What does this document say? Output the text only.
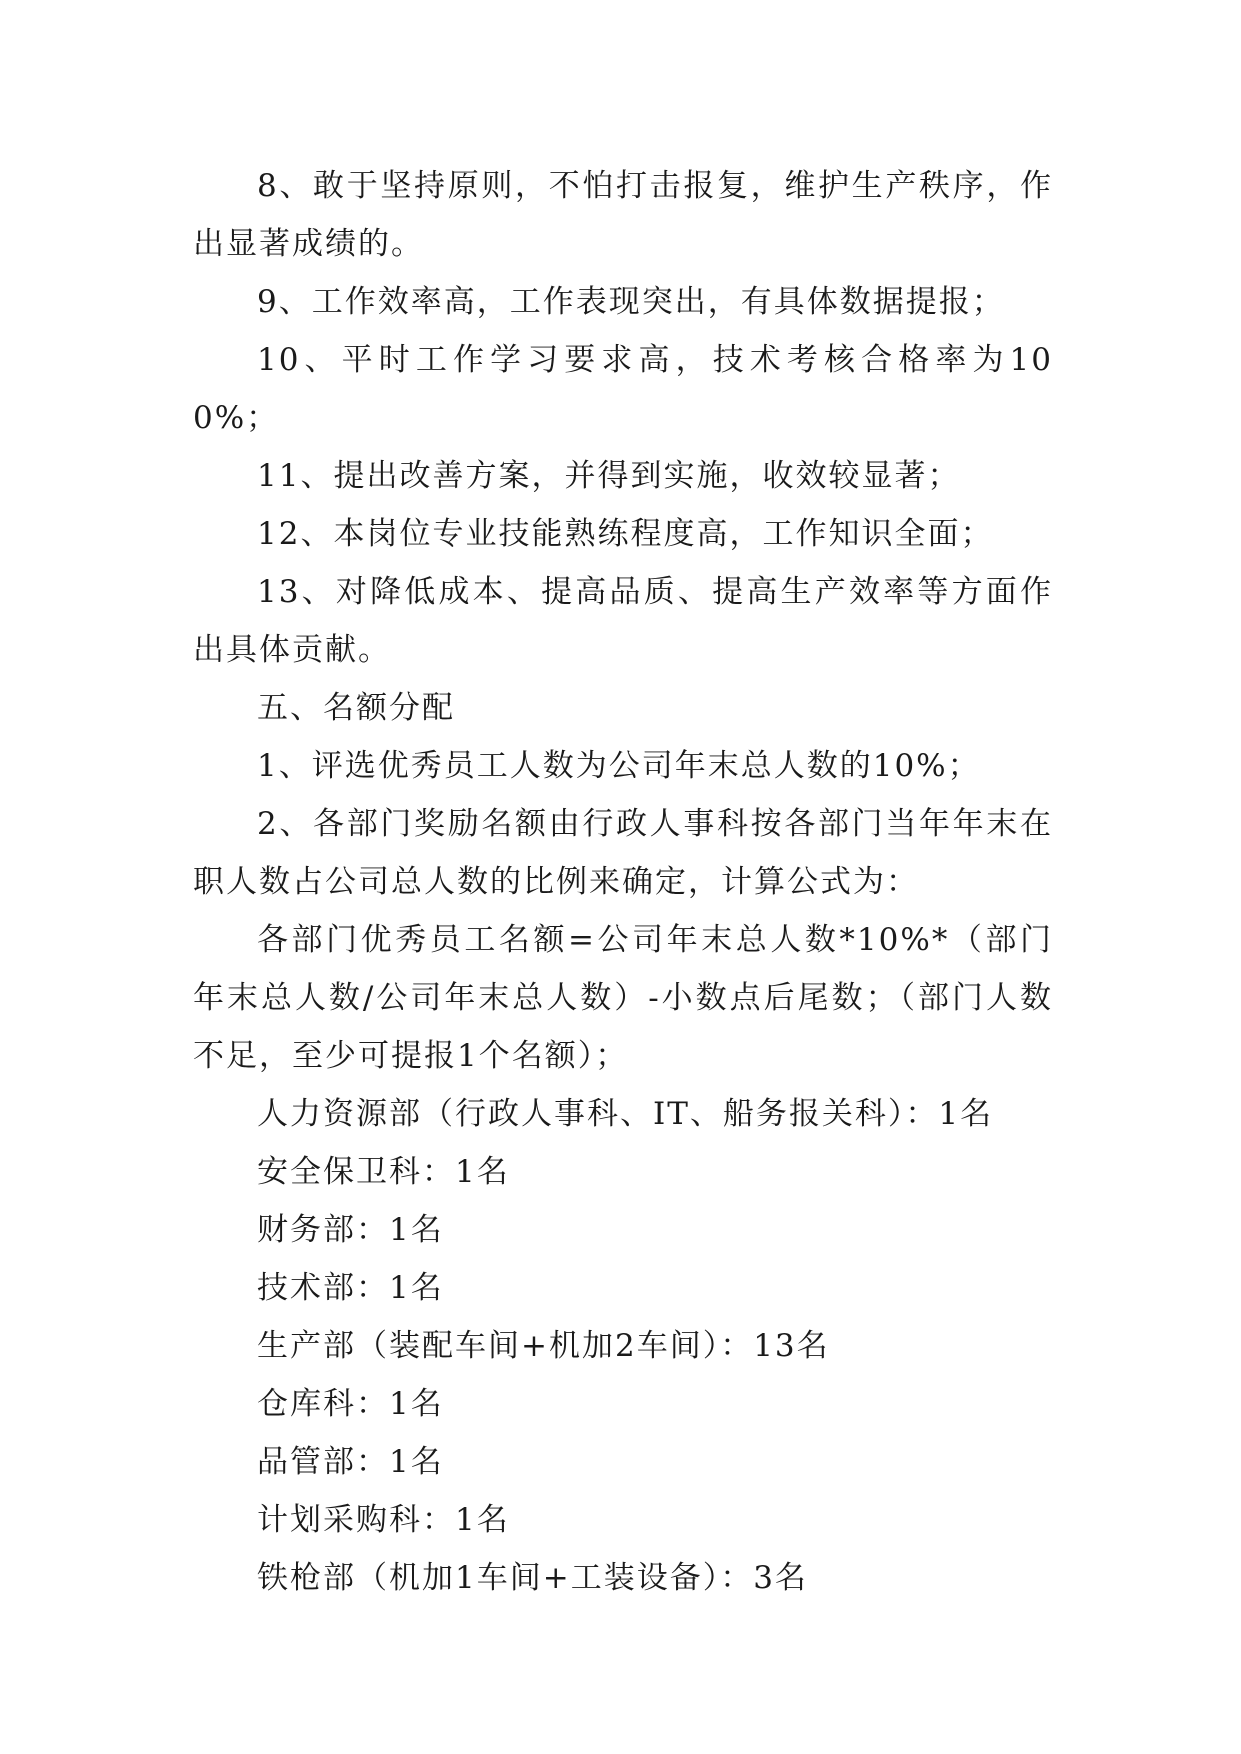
8、敢于坚持原则，不怕打击报复，维护生产秩序，作出显著成绩的。

9、工作效率高，工作表现突出，有具体数据提报；

10、平时工作学习要求高，技术考核合格率为100%；

11、提出改善方案，并得到实施，收效较显著；

12、本岗位专业技能熟练程度高，工作知识全面；

13、对降低成本、提高品质、提高生产效率等方面作出具体贡献。

五、名额分配

1、评选优秀员工人数为公司年末总人数的10%；

2、各部门奖励名额由行政人事科按各部门当年年末在职人数占公司总人数的比例来确定，计算公式为：

各部门优秀员工名额=公司年末总人数*10%*（部门年末总人数/公司年末总人数）-小数点后尾数；（部门人数不足，至少可提报1个名额）；

人力资源部（行政人事科、IT、船务报关科）：1名

安全保卫科：1名

财务部：1名

技术部：1名

生产部（装配车间+机加2车间）：13名

仓库科：1名

品管部：1名

计划采购科：1名

铁枪部（机加1车间+工装设备）：3名
